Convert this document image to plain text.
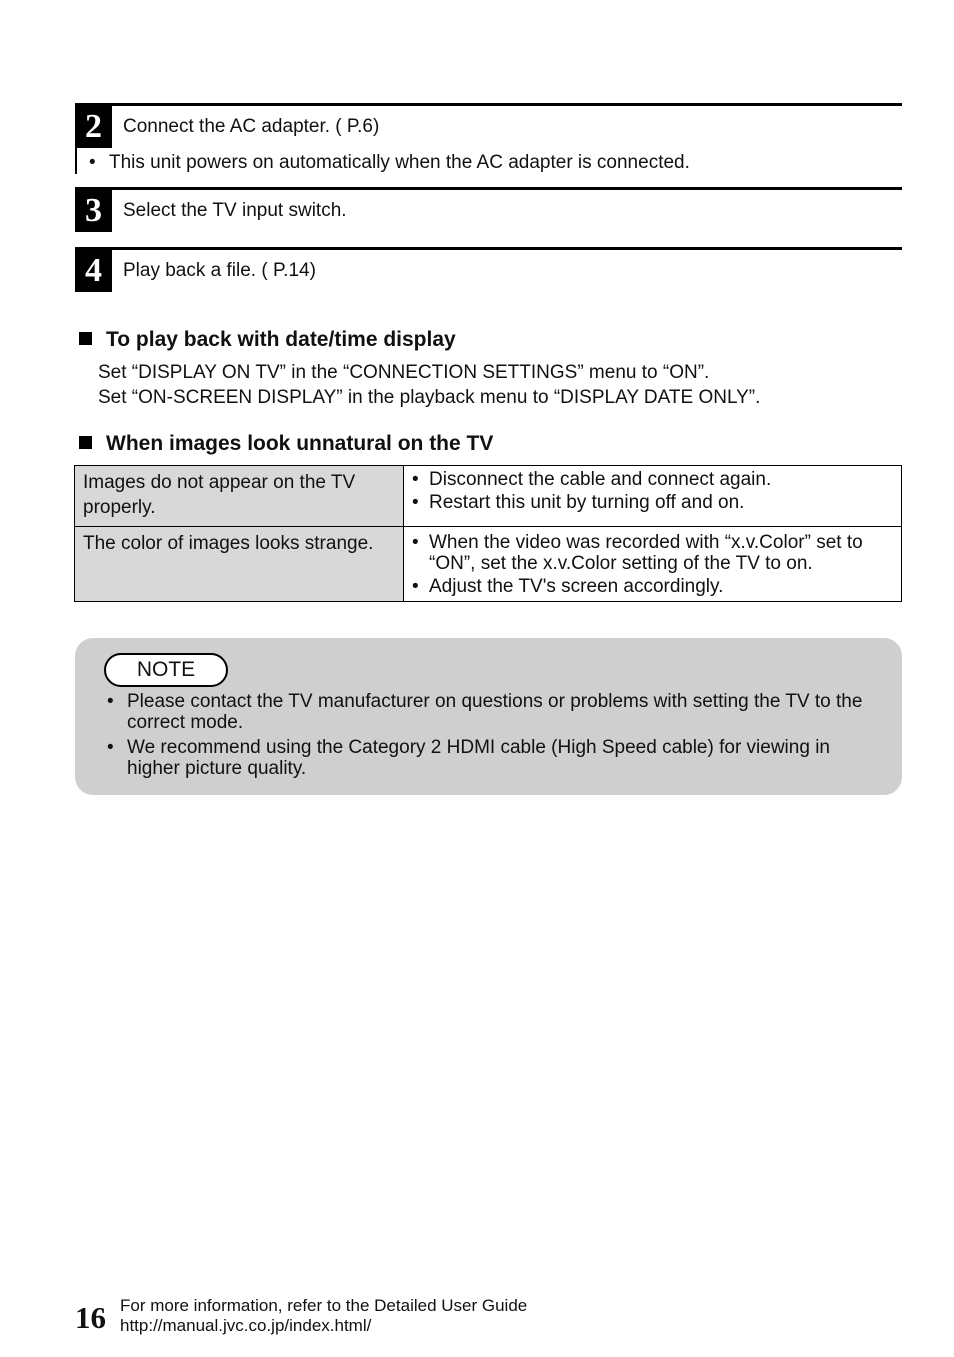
2	Connect the AC adapter. ( P.6)
• This unit powers on automatically when the AC adapter is connected.
3	Select the TV input switch.
4	Play back a file. ( P.14)
To play back with date/time display
Set “DISPLAY ON TV” in the “CONNECTION SETTINGS” menu to “ON”.
Set “ON-SCREEN DISPLAY” in the playback menu to “DISPLAY DATE ONLY”.
When images look unnatural on the TV
Images do not appear on the TV properly.	• Disconnect the cable and connect again.
• Restart this unit by turning off and on.

The color of images looks strange.	• When the video was recorded with “x.v.Color” set to “ON”, set the x.v.Color setting of the TV to on.
• Adjust the TV's screen accordingly.
NOTE
• Please contact the TV manufacturer on questions or problems with setting the TV to the correct mode.
• We recommend using the Category 2 HDMI cable (High Speed cable) for viewing in higher picture quality.
16 For more information, refer to the Detailed User Guide
http://manual.jvc.co.jp/index.html/
